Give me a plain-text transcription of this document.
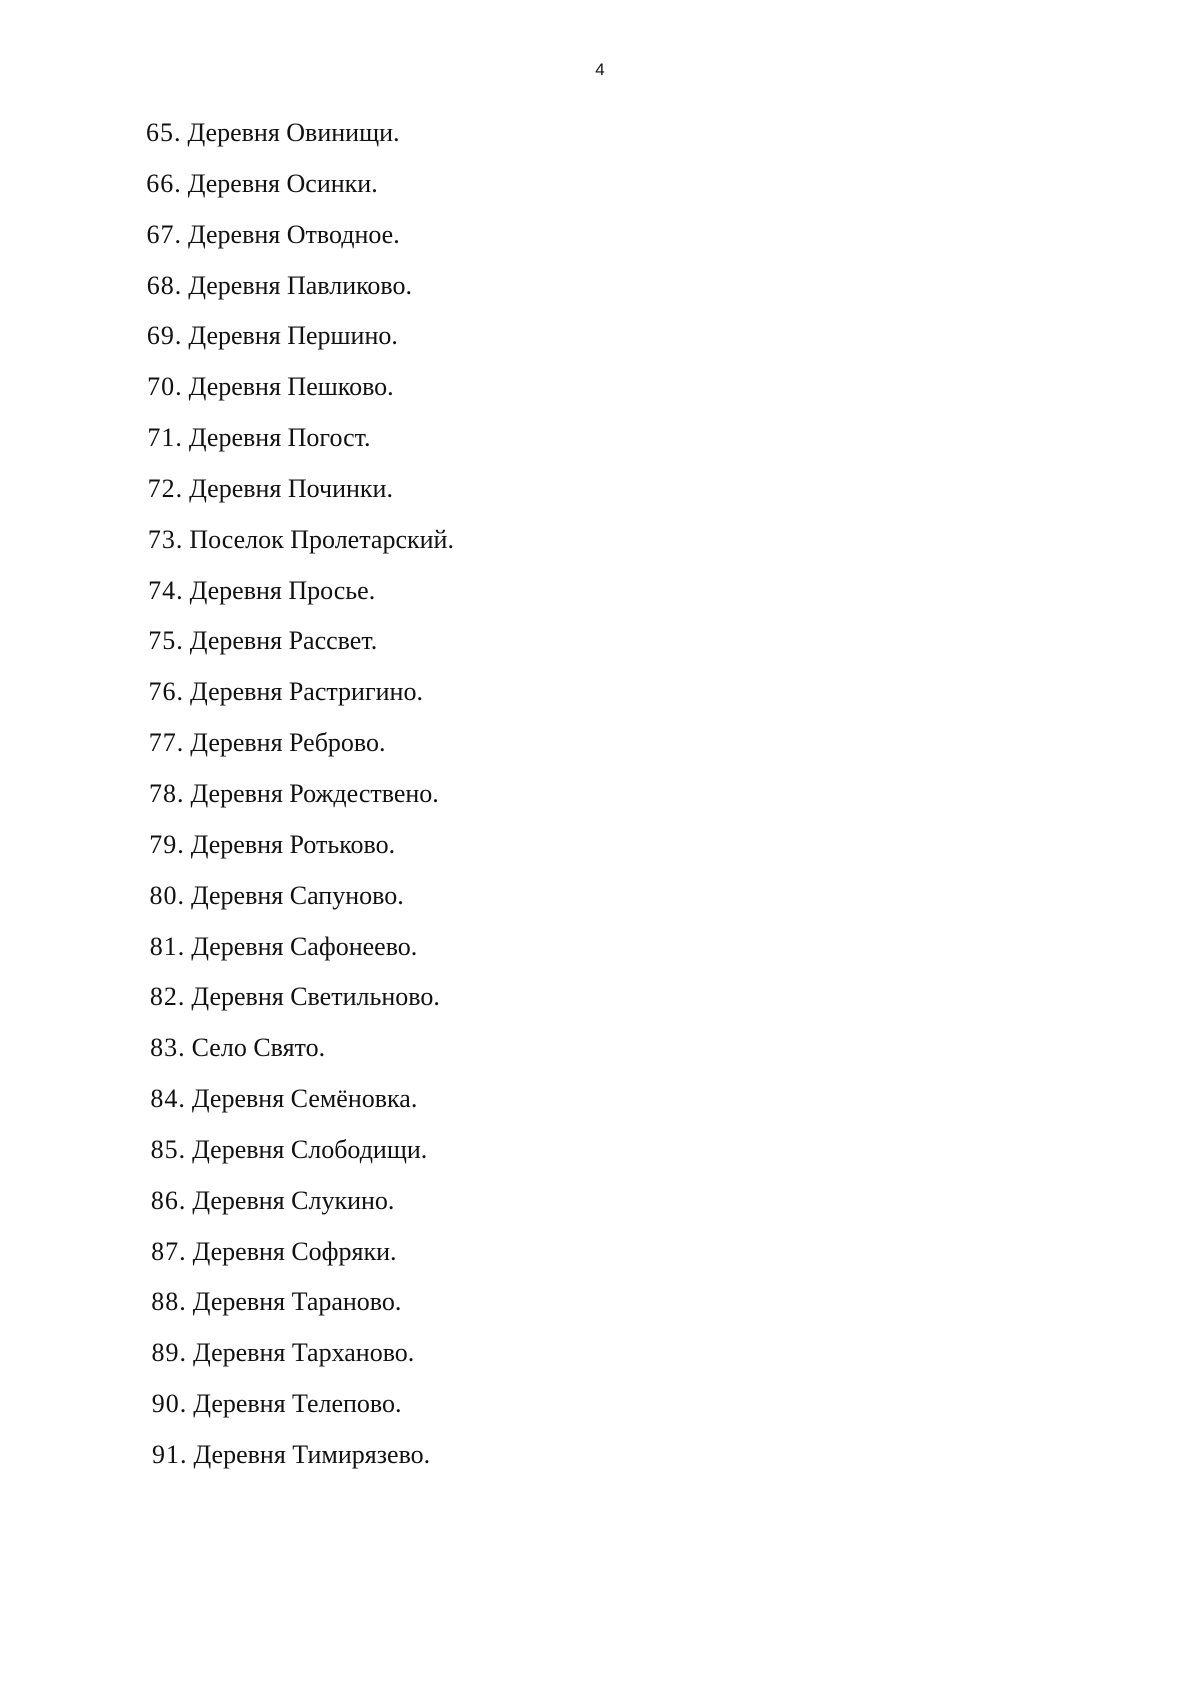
4
65. Деревня Овинищи.
66. Деревня Осинки.
67. Деревня Отводное.
68. Деревня Павликово.
69. Деревня Першино.
70. Деревня Пешково.
71. Деревня Погост.
72. Деревня Починки.
73. Поселок Пролетарский.
74. Деревня Просье.
75. Деревня Рассвет.
76. Деревня Растригино.
77. Деревня Реброво.
78. Деревня Рождествено.
79. Деревня Ротьково.
80. Деревня Сапуново.
81. Деревня Сафонеево.
82. Деревня Светильново.
83. Село Свято.
84. Деревня Семёновка.
85. Деревня Слободищи.
86. Деревня Слукино.
87. Деревня Софряки.
88. Деревня Тараново.
89. Деревня Тарханово.
90. Деревня Телепово.
91. Деревня Тимирязево.
